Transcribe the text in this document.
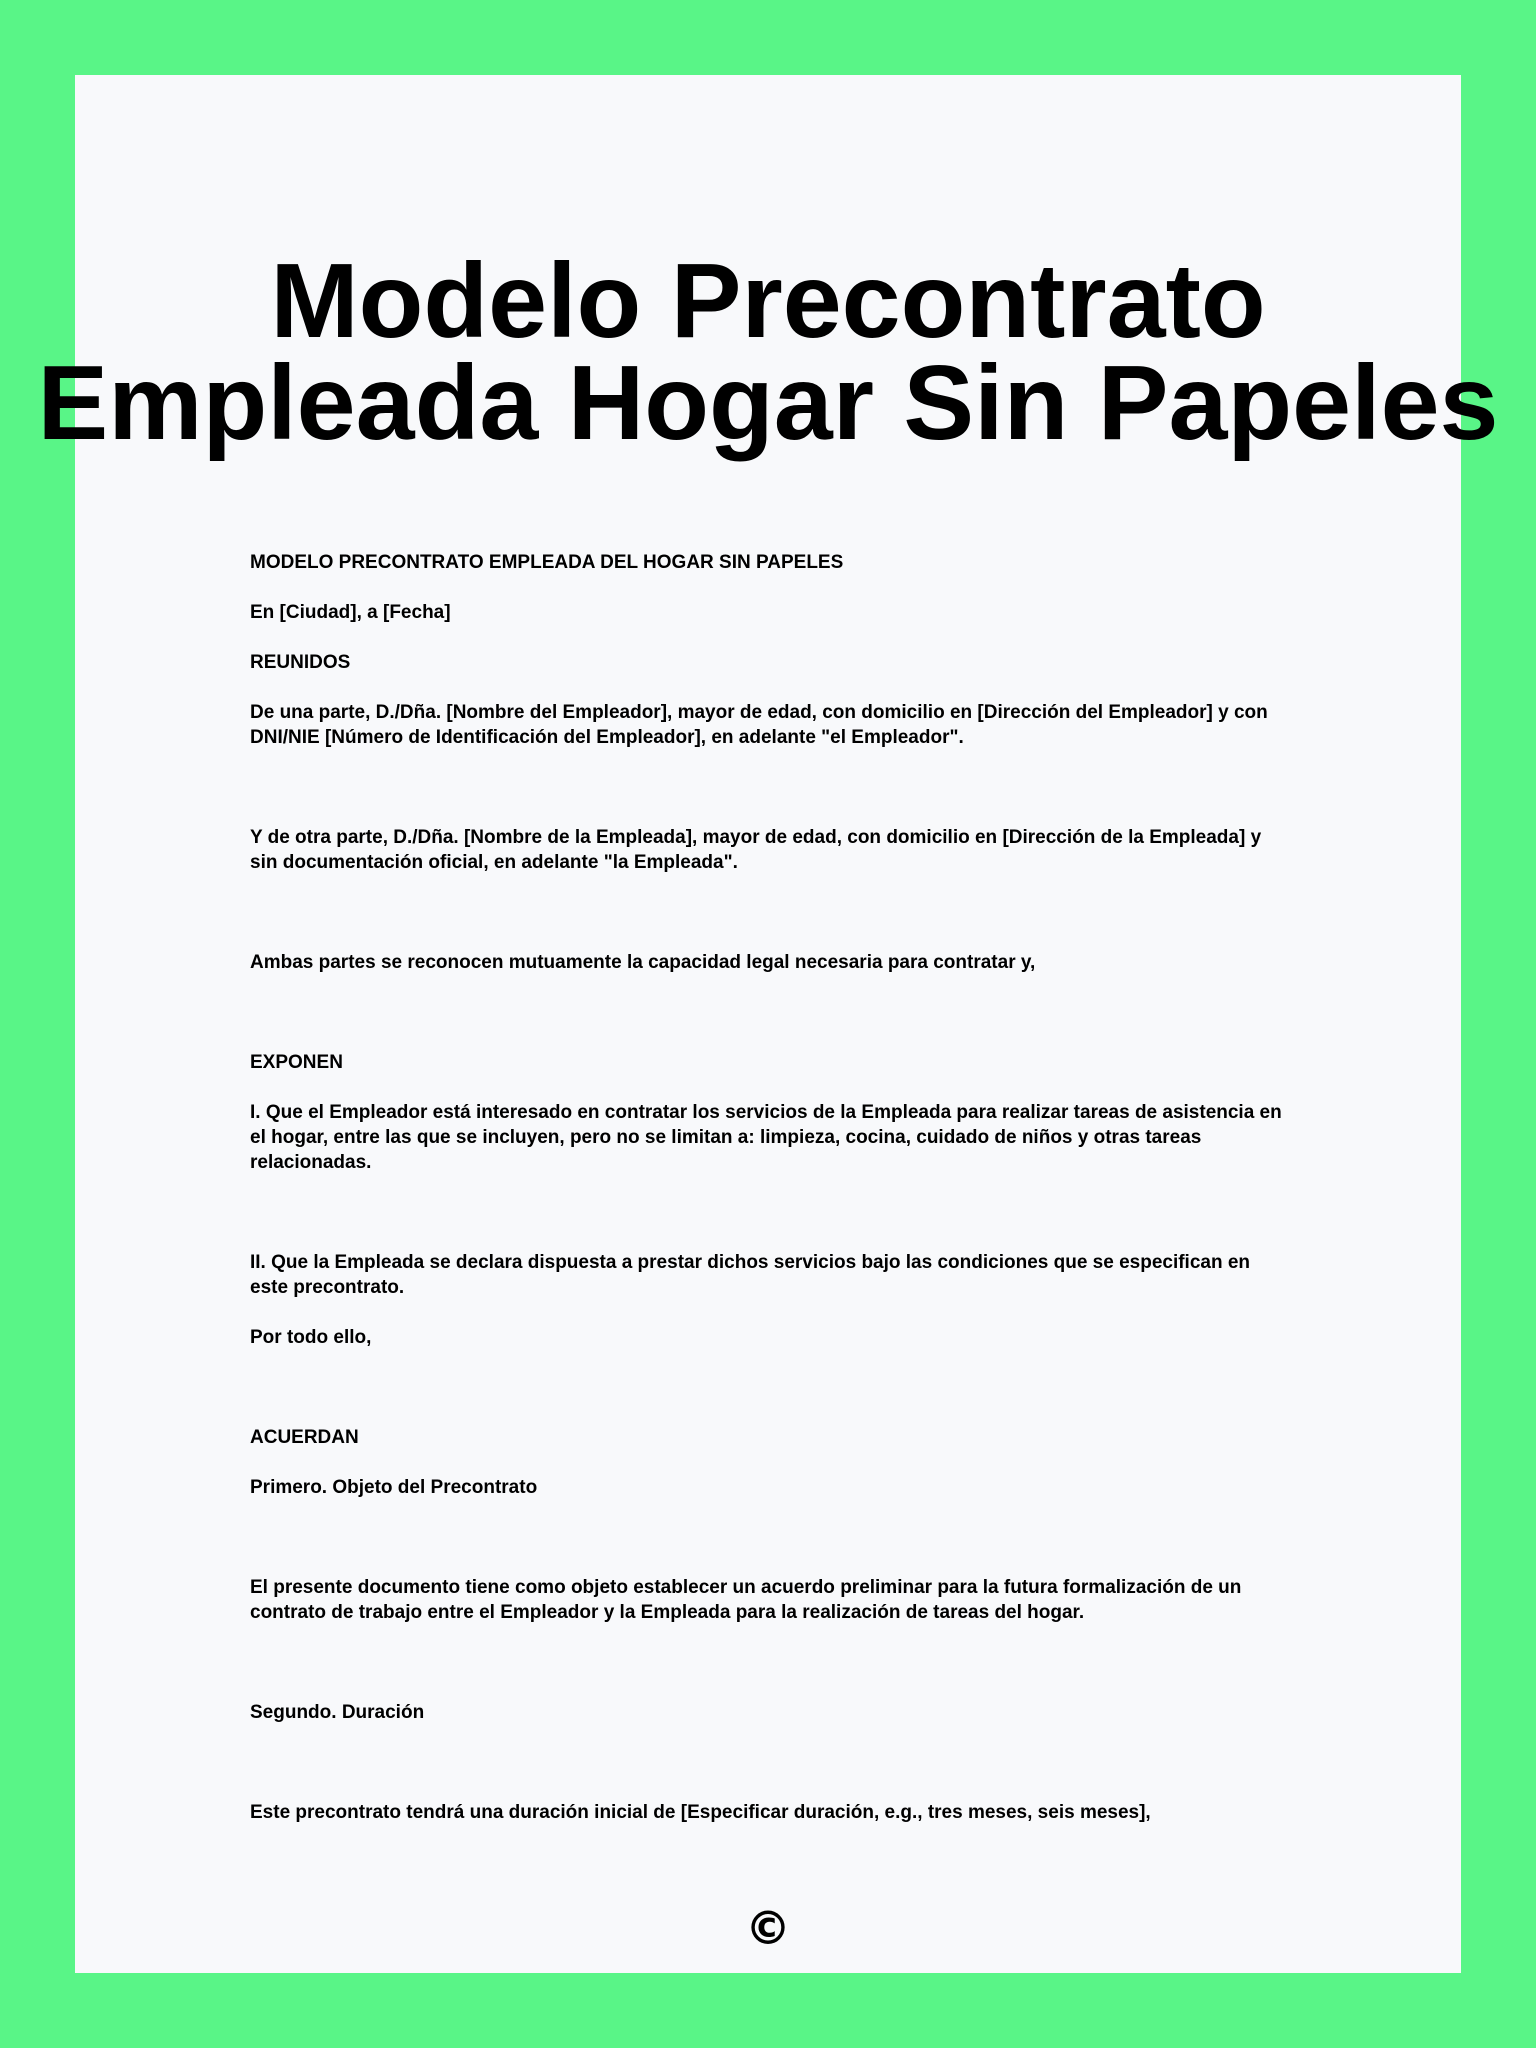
Modelo Precontrato
Empleada Hogar Sin Papeles

MODELO PRECONTRATO EMPLEADA DEL HOGAR SIN PAPELES

En [Ciudad], a [Fecha]

REUNIDOS

De una parte, D./Dña. [Nombre del Empleador], mayor de edad, con domicilio en [Dirección del Empleador] y con DNI/NIE [Número de Identificación del Empleador], en adelante "el Empleador".

Y de otra parte, D./Dña. [Nombre de la Empleada], mayor de edad, con domicilio en [Dirección de la Empleada] y sin documentación oficial, en adelante "la Empleada".

Ambas partes se reconocen mutuamente la capacidad legal necesaria para contratar y,

EXPONEN

I. Que el Empleador está interesado en contratar los servicios de la Empleada para realizar tareas de asistencia en el hogar, entre las que se incluyen, pero no se limitan a: limpieza, cocina, cuidado de niños y otras tareas relacionadas.

II. Que la Empleada se declara dispuesta a prestar dichos servicios bajo las condiciones que se especifican en este precontrato.

Por todo ello,

ACUERDAN

Primero. Objeto del Precontrato

El presente documento tiene como objeto establecer un acuerdo preliminar para la futura formalización de un contrato de trabajo entre el Empleador y la Empleada para la realización de tareas del hogar.

Segundo. Duración

Este precontrato tendrá una duración inicial de [Especificar duración, e.g., tres meses, seis meses],

©
